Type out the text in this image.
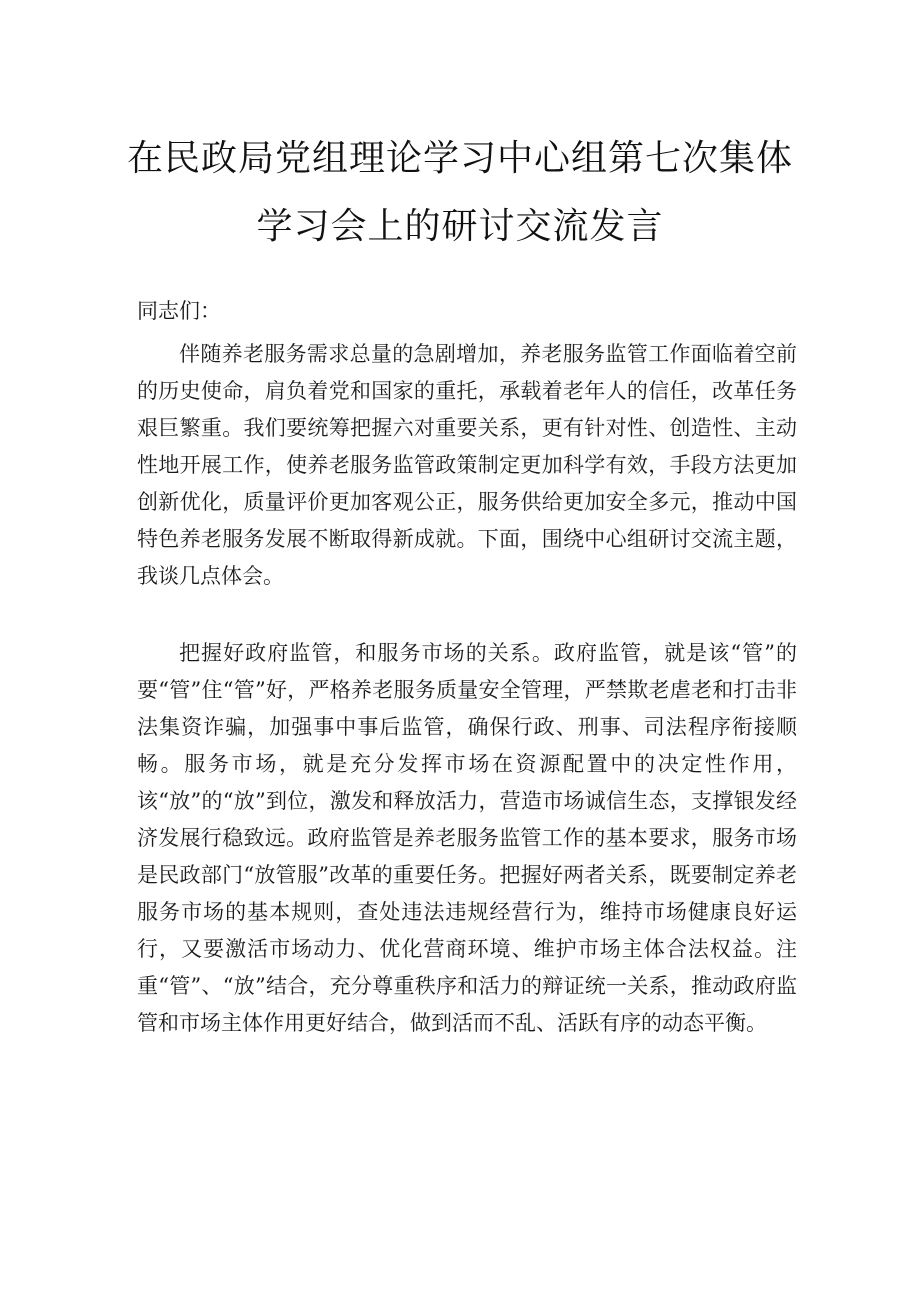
在民政局党组理论学习中心组第七次集体
学习会上的研讨交流发言

同志们：

伴随养老服务需求总量的急剧增加，养老服务监管工作面临着空前的历史使命，肩负着党和国家的重托，承载着老年人的信任，改革任务艰巨繁重。我们要统筹把握六对重要关系，更有针对性、创造性、主动性地开展工作，使养老服务监管政策制定更加科学有效，手段方法更加创新优化，质量评价更加客观公正，服务供给更加安全多元，推动中国特色养老服务发展不断取得新成就。下面，围绕中心组研讨交流主题，我谈几点体会。

把握好政府监管，和服务市场的关系。政府监管，就是该“管”的要“管”住“管”好，严格养老服务质量安全管理，严禁欺老虐老和打击非法集资诈骗，加强事中事后监管，确保行政、刑事、司法程序衔接顺畅。服务市场，就是充分发挥市场在资源配置中的决定性作用，该“放”的“放”到位，激发和释放活力，营造市场诚信生态，支撑银发经济发展行稳致远。政府监管是养老服务监管工作的基本要求，服务市场是民政部门“放管服”改革的重要任务。把握好两者关系，既要制定养老服务市场的基本规则，查处违法违规经营行为，维持市场健康良好运行，又要激活市场动力、优化营商环境、维护市场主体合法权益。注重“管”、“放”结合，充分尊重秩序和活力的辩证统一关系，推动政府监管和市场主体作用更好结合，做到活而不乱、活跃有序的动态平衡。
